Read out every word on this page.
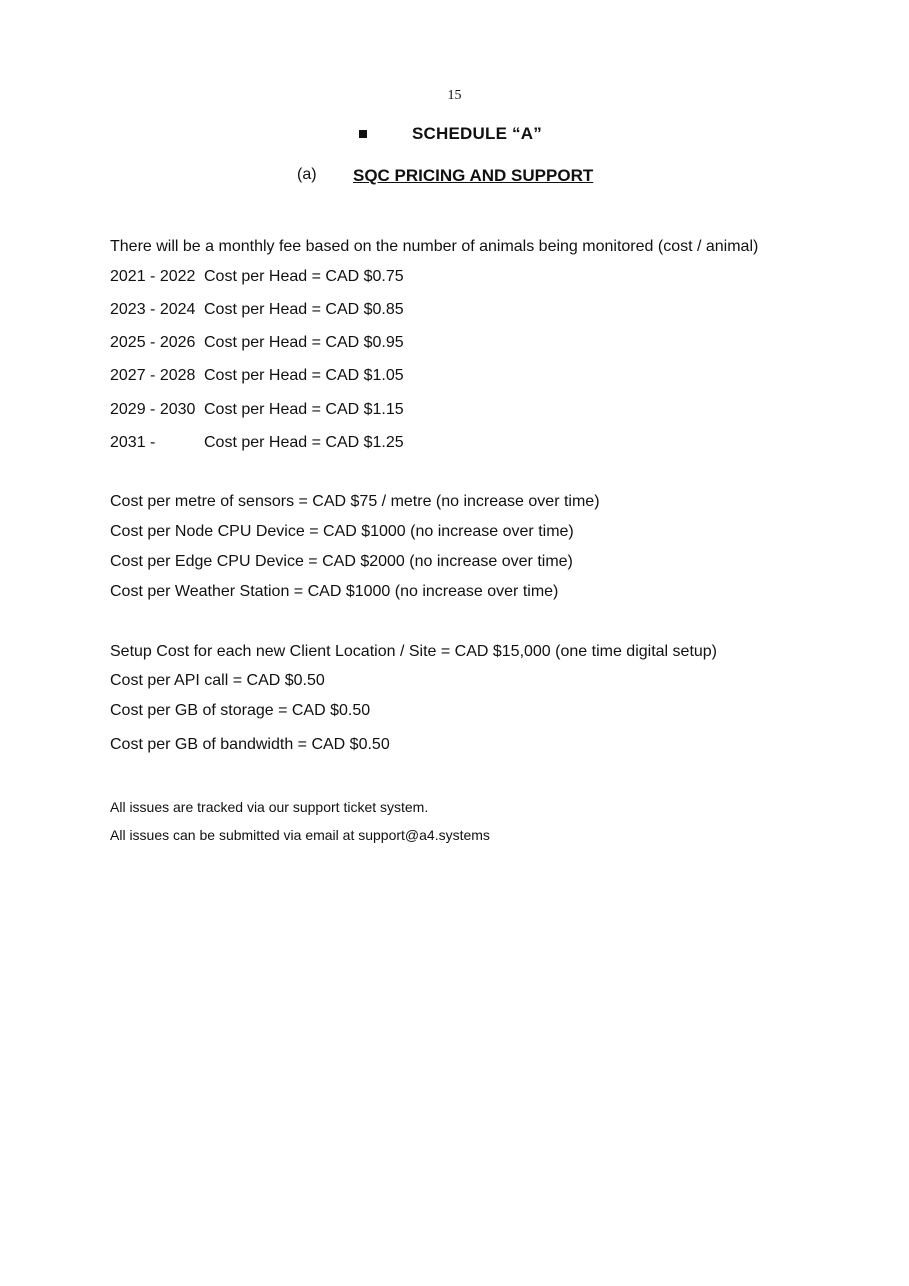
15
SCHEDULE “A”
(a) SQC PRICING AND SUPPORT
There will be a monthly fee based on the number of animals being monitored (cost / animal)
2021 - 2022 Cost per Head = CAD $0.75
2023 - 2024 Cost per Head = CAD $0.85
2025 - 2026 Cost per Head = CAD $0.95
2027 - 2028 Cost per Head = CAD $1.05
2029 - 2030 Cost per Head = CAD $1.15
2031 -	Cost per Head = CAD $1.25
Cost per metre of sensors = CAD $75 / metre (no increase over time)
Cost per Node CPU Device = CAD $1000 (no increase over time)
Cost per Edge CPU Device = CAD $2000 (no increase over time)
Cost per Weather Station = CAD $1000 (no increase over time)
Setup Cost for each new Client Location / Site = CAD $15,000 (one time digital setup)
Cost per API call = CAD $0.50
Cost per GB of storage = CAD $0.50
Cost per GB of bandwidth = CAD $0.50
All issues are tracked via our support ticket system.
All issues can be submitted via email at support@a4.systems
